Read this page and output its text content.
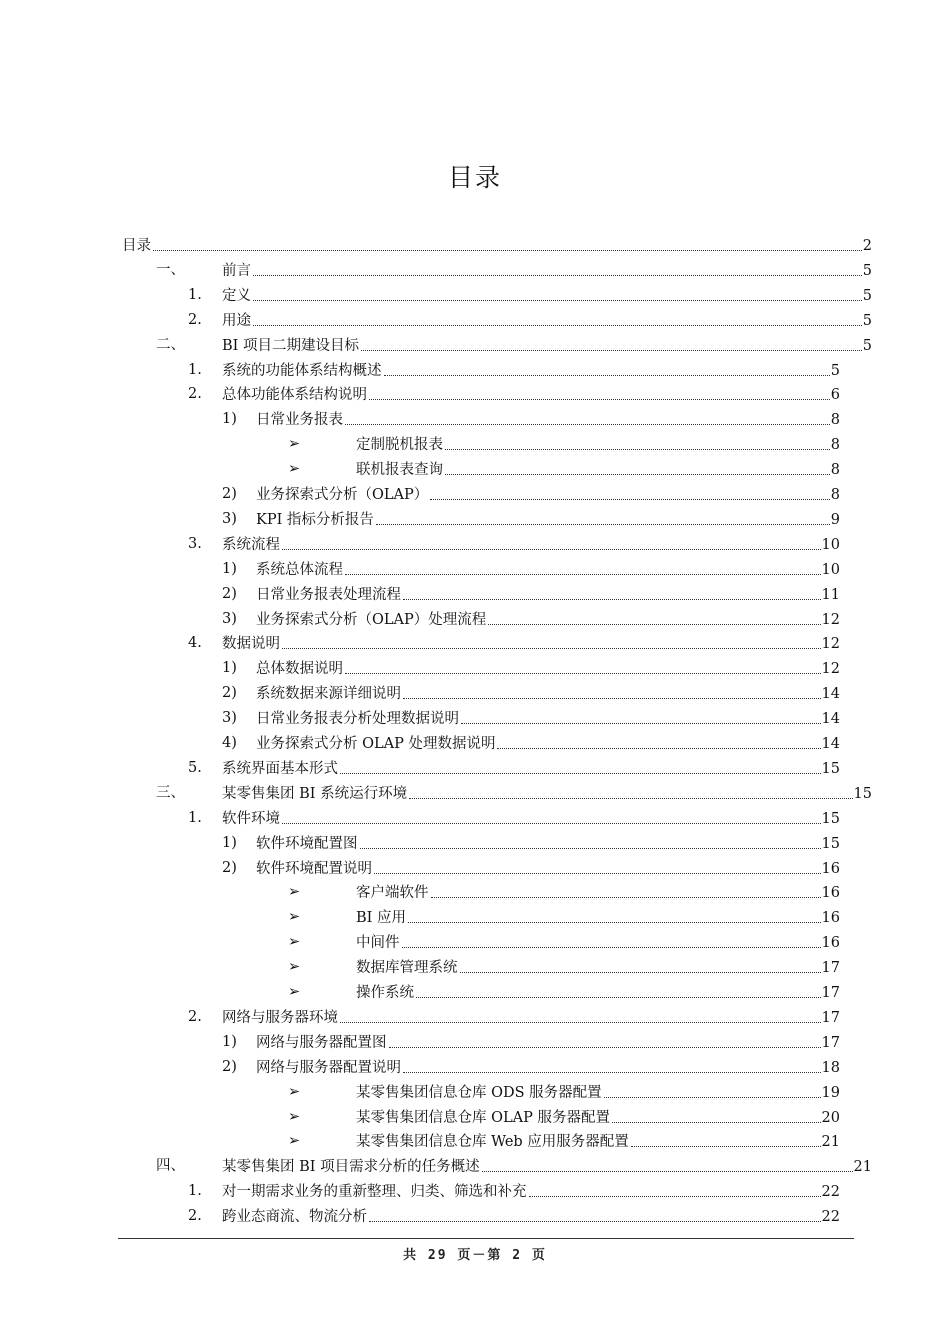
目录
目录	2
一、	前言	5
1. 定义	5
2. 用途	5
二、	BI 项目二期建设目标	5
1. 系统的功能体系结构概述	5
2. 总体功能体系结构说明	6
1) 日常业务报表	8
➢	定制脱机报表	8
➢	联机报表查询	8
2) 业务探索式分析（OLAP）	8
3) KPI 指标分析报告	9
3. 系统流程	10
1) 系统总体流程	10
2) 日常业务报表处理流程	11
3) 业务探索式分析（OLAP）处理流程	12
4. 数据说明	12
1) 总体数据说明	12
2) 系统数据来源详细说明	14
3) 日常业务报表分析处理数据说明	14
4) 业务探索式分析 OLAP 处理数据说明	14
5. 系统界面基本形式	15
三、	某零售集团 BI 系统运行环境	15
1. 软件环境	15
1) 软件环境配置图	15
2) 软件环境配置说明	16
➢	客户端软件	16
➢	BI 应用	16
➢	中间件	16
➢	数据库管理系统	17
➢	操作系统	17
2. 网络与服务器环境	17
1) 网络与服务器配置图	17
2) 网络与服务器配置说明	18
➢	某零售集团信息仓库 ODS 服务器配置	19
➢	某零售集团信息仓库 OLAP 服务器配置	20
➢	某零售集团信息仓库 Web 应用服务器配置	21
四、	某零售集团 BI 项目需求分析的任务概述	21
1. 对一期需求业务的重新整理、归类、筛选和补充	22
2. 跨业态商流、物流分析	22
共 29 页－第 2 页
